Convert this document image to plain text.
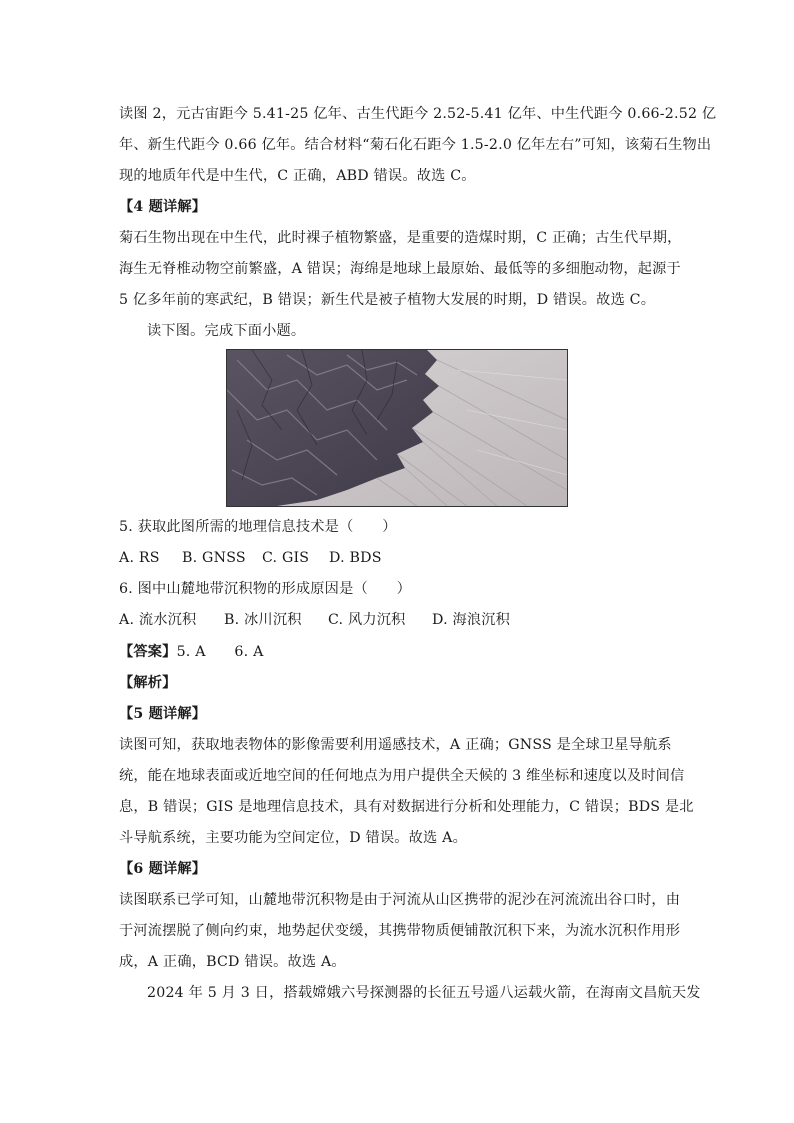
读图 2，元古宙距今 5.41-25 亿年、古生代距今 2.52-5.41 亿年、中生代距今 0.66-2.52 亿
年、新生代距今 0.66 亿年。结合材料“菊石化石距今 1.5-2.0 亿年左右”可知，该菊石生物出
现的地质年代是中生代，C 正确，ABD 错误。故选 C。
【4 题详解】
菊石生物出现在中生代，此时裸子植物繁盛，是重要的造煤时期，C 正确；古生代早期，
海生无脊椎动物空前繁盛，A 错误；海绵是地球上最原始、最低等的多细胞动物，起源于
5 亿多年前的寒武纪，B 错误；新生代是被子植物大发展的时期，D 错误。故选 C。
读下图。完成下面小题。
5. 获取此图所需的地理信息技术是（　　）
A. RS B. GNSS C. GIS D. BDS
6. 图中山麓地带沉积物的形成原因是（　　）
A. 流水沉积 B. 冰川沉积 C. 风力沉积 D. 海浪沉积
【答案】5. A　　6. A
【解析】
【5 题详解】
读图可知，获取地表物体的影像需要利用遥感技术，A 正确；GNSS 是全球卫星导航系
统，能在地球表面或近地空间的任何地点为用户提供全天候的 3 维坐标和速度以及时间信
息，B 错误；GIS 是地理信息技术，具有对数据进行分析和处理能力，C 错误；BDS 是北
斗导航系统，主要功能为空间定位，D 错误。故选 A。
【6 题详解】
读图联系已学可知，山麓地带沉积物是由于河流从山区携带的泥沙在河流流出谷口时，由
于河流摆脱了侧向约束，地势起伏变缓，其携带物质便铺散沉积下来，为流水沉积作用形
成，A 正确，BCD 错误。故选 A。
2024 年 5 月 3 日，搭载嫦娥六号探测器的长征五号遥八运载火箭，在海南文昌航天发
